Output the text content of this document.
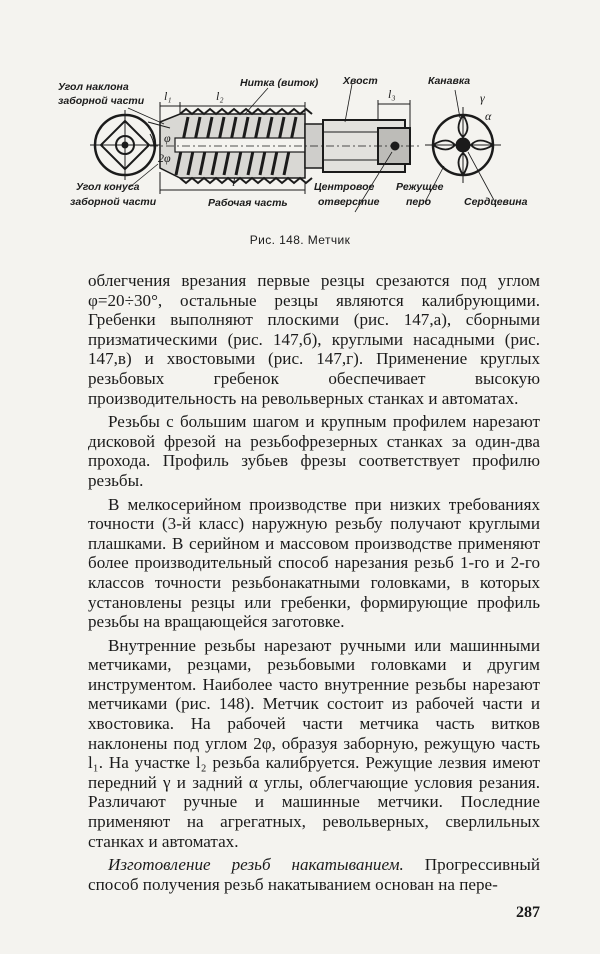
Угол наклона
заборной части
Угол конуса
заборной части
Нитка (виток) Хвост	Канавка
Рабочая часть
Центровое
отверстие
Режущее
перо	Сердцевина
l₁	l₂	l₃
l
φ
2φ
γ
α
Рис. 148. Метчик

облегчения врезания первые резцы срезаются под углом φ=20÷30°, остальные резцы являются калибрующими. Гребенки выполняют плоскими (рис. 147,а), сборными призматическими (рис. 147,б), круглыми насадными (рис. 147,в) и хвостовыми (рис. 147,г). Применение круглых резьбовых гребенок обеспечивает высокую производительность на револьверных станках и автоматах.

Резьбы с большим шагом и крупным профилем нарезают дисковой фрезой на резьбофрезерных станках за один-два прохода. Профиль зубьев фрезы соответствует профилю резьбы.

В мелкосерийном производстве при низких требованиях точности (3-й класс) наружную резьбу получают круглыми плашками. В серийном и массовом производстве применяют более производительный способ нарезания резьб 1-го и 2-го классов точности резьбонакатными головками, в которых установлены резцы или гребенки, формирующие профиль резьбы на вращающейся заготовке.

Внутренние резьбы нарезают ручными или машинными метчиками, резцами, резьбовыми головками и другим инструментом. Наиболее часто внутренние резьбы нарезают метчиками (рис. 148). Метчик состоит из рабочей части и хвостовика. На рабочей части метчика часть витков наклонены под углом 2φ, образуя заборную, режущую часть l₁. На участке l₂ резьба калибруется. Режущие лезвия имеют передний γ и задний α углы, облегчающие условия резания. Различают ручные и машинные метчики. Последние применяют на агрегатных, револьверных, сверлильных станках и автоматах.

Изготовление резьб накатыванием. Прогрессивный способ получения резьб накатыванием основан на пере-

287
